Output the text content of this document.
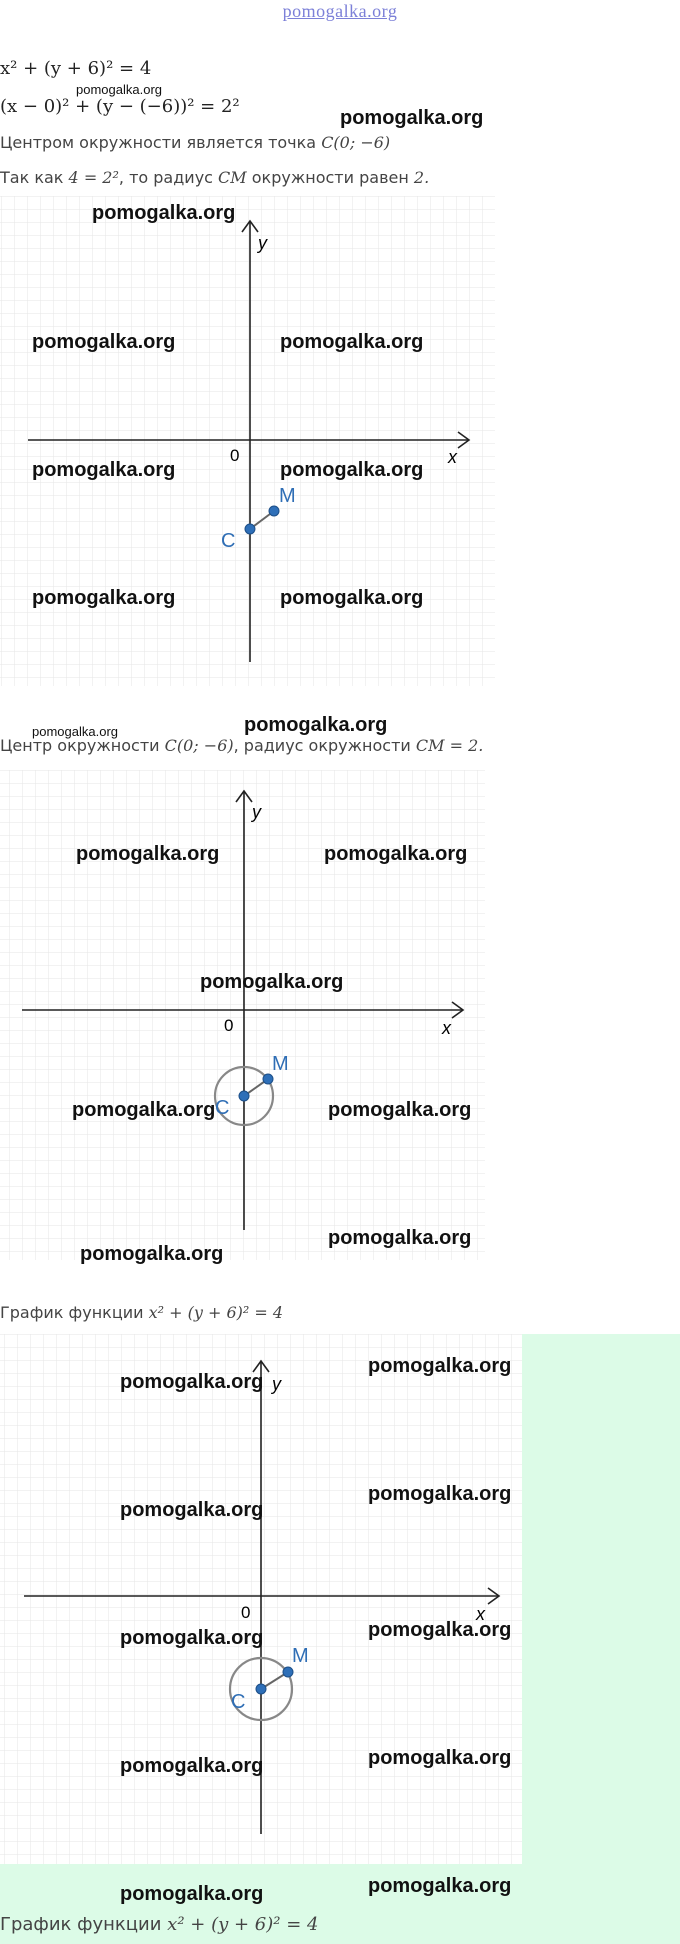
pomogalka.org
x² + (y + 6)² = 4
(x − 0)² + (y − (−6))² = 2²
Центром окружности является точка C(0; −6)
Так как 4 = 2², то радиус CM окружности равен 2.
x
y
0
C
M
Центр окружности C(0; −6), радиус окружности CM = 2.
x
y
0
C
M
График функции x² + (y + 6)² = 4
x
y
0
C
M
График функции x² + (y + 6)² = 4
pomogalka.org
pomogalka.org
pomogalka.org
pomogalka.org	pomogalka.org
pomogalka.org	pomogalka.org
pomogalka.org	pomogalka.org
pomogalka.org	pomogalka.org
pomogalka.org	pomogalka.org
pomogalka.org
pomogalka.org	pomogalka.org
pomogalka.org
pomogalka.org
pomogalka.org
pomogalka.org
pomogalka.org
pomogalka.org
pomogalka.org	pomogalka.org
pomogalka.org	pomogalka.org
pomogalka.org	pomogalka.org
